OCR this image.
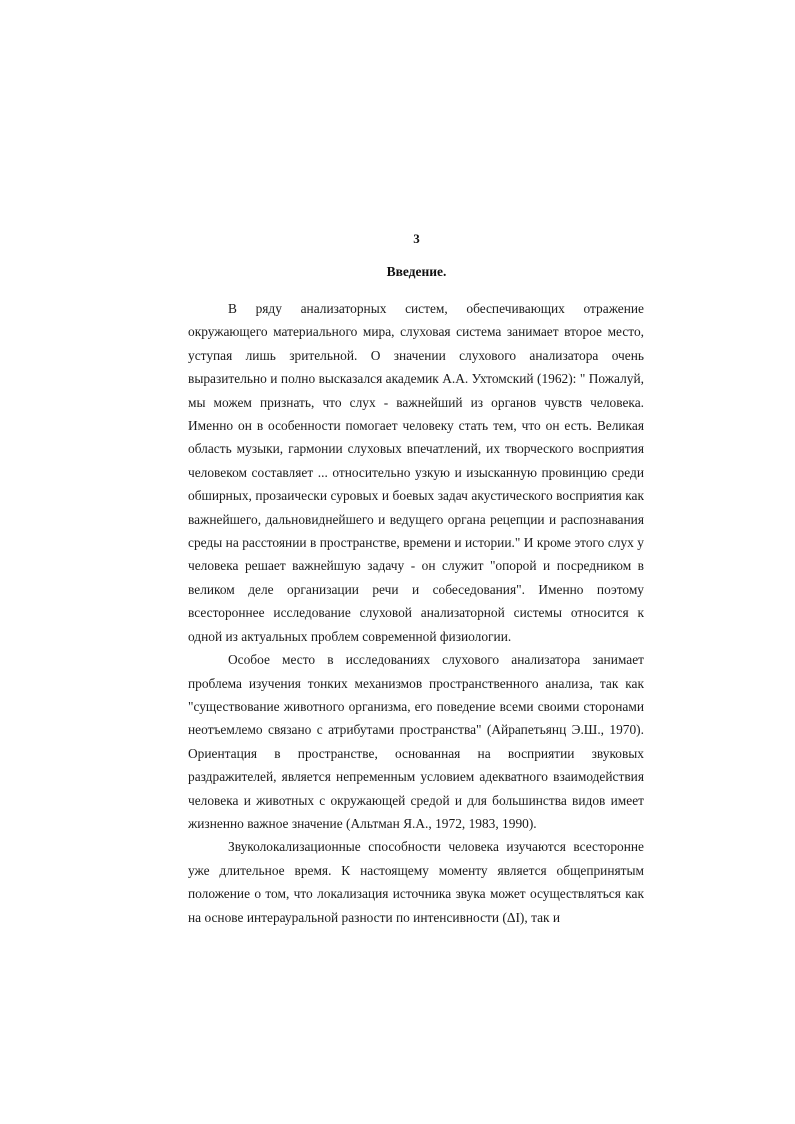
3
Введение.

В ряду анализаторных систем, обеспечивающих отражение окружающего материального мира, слуховая система занимает второе место, уступая лишь зрительной. О значении слухового анализатора очень выразительно и полно высказался академик А.А. Ухтомский (1962): " Пожалуй, мы можем признать, что слух - важнейший из органов чувств человека. Именно он в особенности помогает человеку стать тем, что он есть. Великая область музыки, гармонии слуховых впечатлений, их творческого восприятия человеком составляет ... относительно узкую и изысканную провинцию среди обширных, прозаически суровых и боевых задач акустического восприятия как важнейшего, дальновиднейшего и ведущего органа рецепции и распознавания среды на расстоянии в пространстве, времени и истории." И кроме этого слух у человека решает важнейшую задачу - он служит "опорой и посредником в великом деле организации речи и собеседования". Именно поэтому всестороннее исследование слуховой анализаторной системы относится к одной из актуальных проблем современной физиологии.

Особое место в исследованиях слухового анализатора занимает проблема изучения тонких механизмов пространственного анализа, так как "существование животного организма, его поведение всеми своими сторонами неотъемлемо связано с атрибутами пространства" (Айрапетьянц Э.Ш., 1970). Ориентация в пространстве, основанная на восприятии звуковых раздражителей, является непременным условием адекватного взаимодействия человека и животных с окружающей средой и для большинства видов имеет жизненно важное значение (Альтман Я.А., 1972, 1983, 1990).

Звуколокализационные способности человека изучаются всесторонне уже длительное время. К настоящему моменту является общепринятым положение о том, что локализация источника звука может осуществляться как на основе интерауральной разности по интенсивности (ΔI), так и
